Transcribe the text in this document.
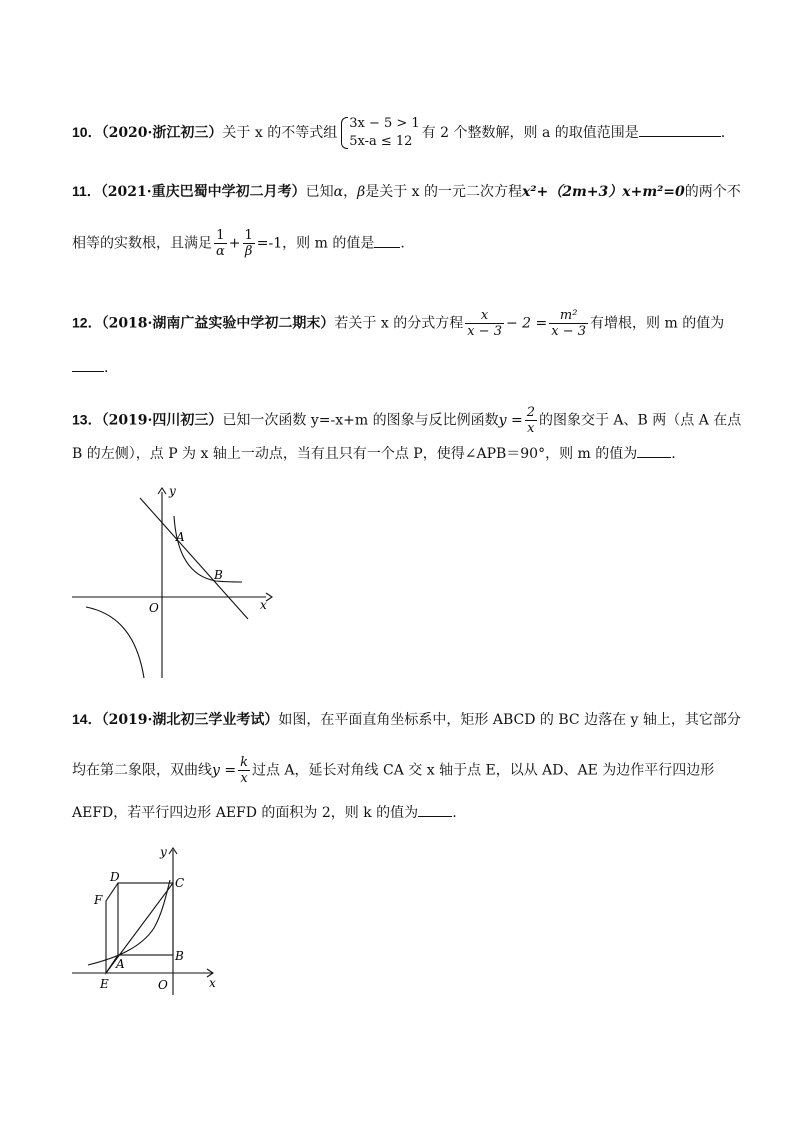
10．（2020·浙江初三）关于 x 的不等式组
3x − 5 > 1
5x-a ≤ 12
有 2 个整数解，则 a 的取值范围是	.
11．（2021·重庆巴蜀中学初二月考）已知α，β是关于 x 的一元二次方程x²+（2m+3）x+m²=0的两个不
相等的实数根，且满足 $\frac{1}{\alpha} + \frac{1}{\beta} =-1$，则 m 的值是 .
12．（2018·湖南广益实验中学初二期末）若关于 x 的分式方程 $\frac{x}{x - 3} - 2 = \frac{\text{m²}}{x - 3}$ 有增根，则 m 的值为
.
13．（2019·四川初三）已知一次函数 y=-x+m 的图象与反比例函数$y = \frac{2}{x}$ 的图象交于 A、B 两（点 A 在点
B 的左侧），点 P 为 x 轴上一动点，当有且只有一个点 P，使得∠APB＝90°，则 m 的值为 .
y
x
O
A
B
14．（2019·湖北初三学业考试）如图，在平面直角坐标系中，矩形 ABCD 的 BC 边落在 y 轴上，其它部分
均在第二象限，双曲线$y = \frac{k}{x}$ 过点 A，延长对角线 CA 交 x 轴于点 E，以从 AD、AE 为边作平行四边形
AEFD，若平行四边形 AEFD 的面积为 2，则 k 的值为 .
y
x
O
A
B
C
D
E
F
